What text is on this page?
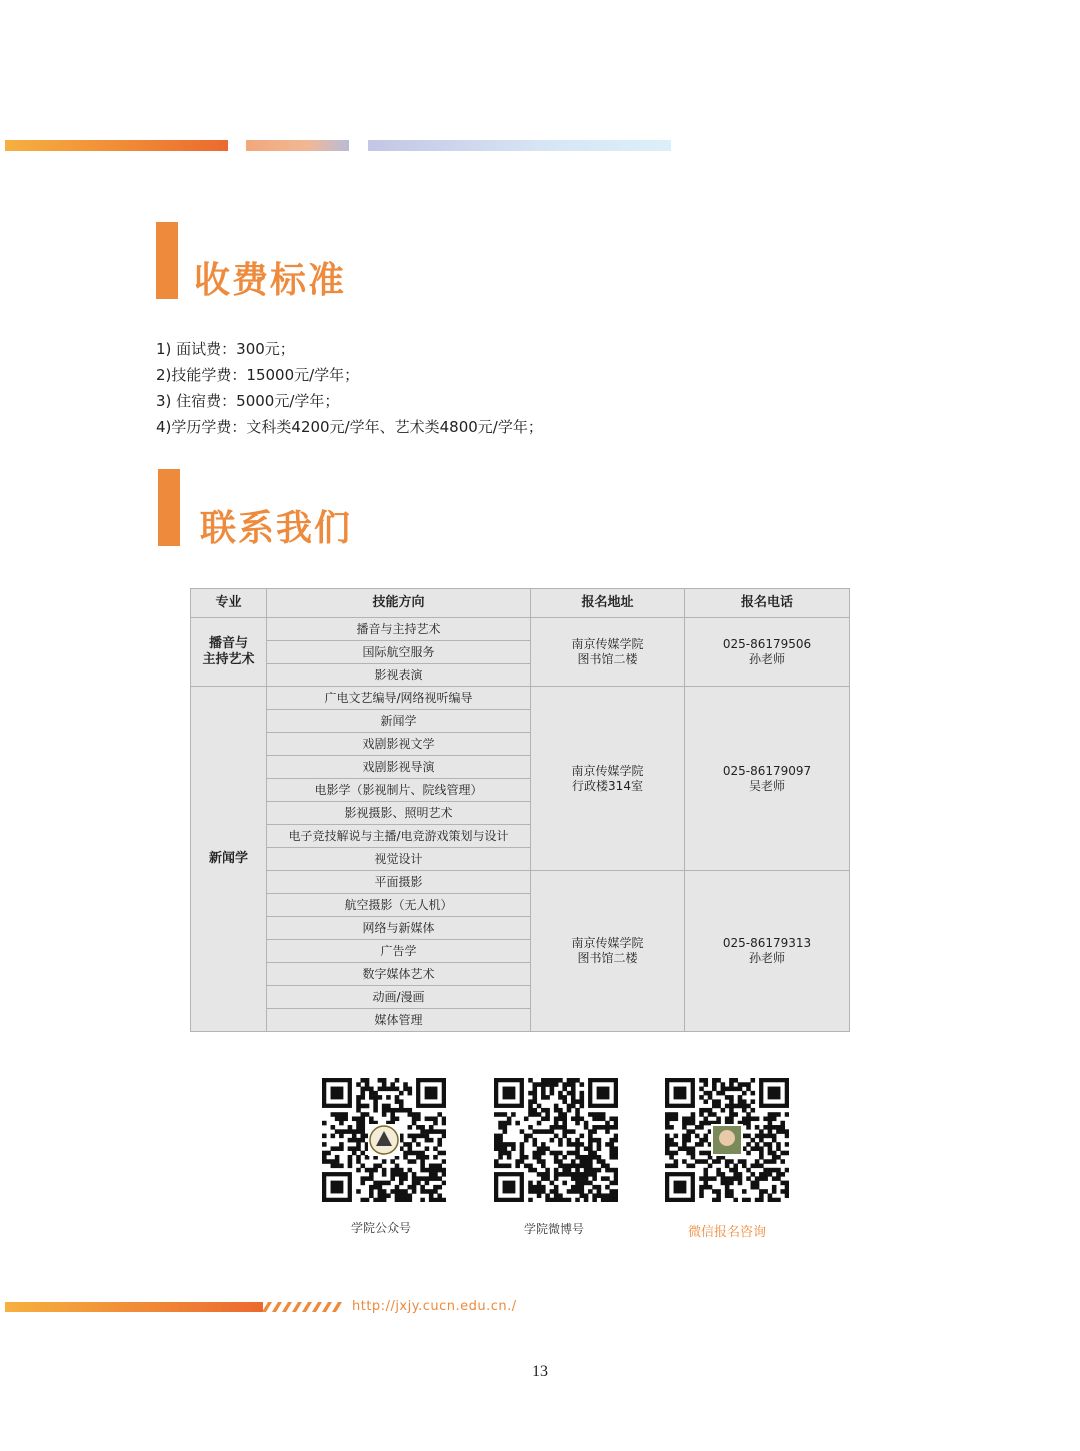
收费标准
1) 面试费：300元；
2)技能学费：15000元/学年；
3) 住宿费：5000元/学年；
4)学历学费：文科类4200元/学年、艺术类4800元/学年；
联系我们
专业	技能方向	报名地址	报名电话
播音与
主持艺术	播音与主持艺术	南京传媒学院
图书馆二楼	025-86179506
孙老师
	国际航空服务		
	影视表演		
新闻学	广电文艺编导/网络视听编导	南京传媒学院
行政楼314室	025-86179097
吴老师
	新闻学		
	戏剧影视文学		
	戏剧影视导演		
	电影学（影视制片、院线管理）		
	影视摄影、照明艺术		
	电子竞技解说与主播/电竞游戏策划与设计		
	视觉设计		
	平面摄影	南京传媒学院
图书馆二楼	025-86179313
孙老师
	航空摄影（无人机）		
	网络与新媒体		
	广告学		
	数字媒体艺术		
	动画/漫画		
	媒体管理		
学院公众号	学院微博号	微信报名咨询
http://jxjy.cucn.edu.cn./
13
